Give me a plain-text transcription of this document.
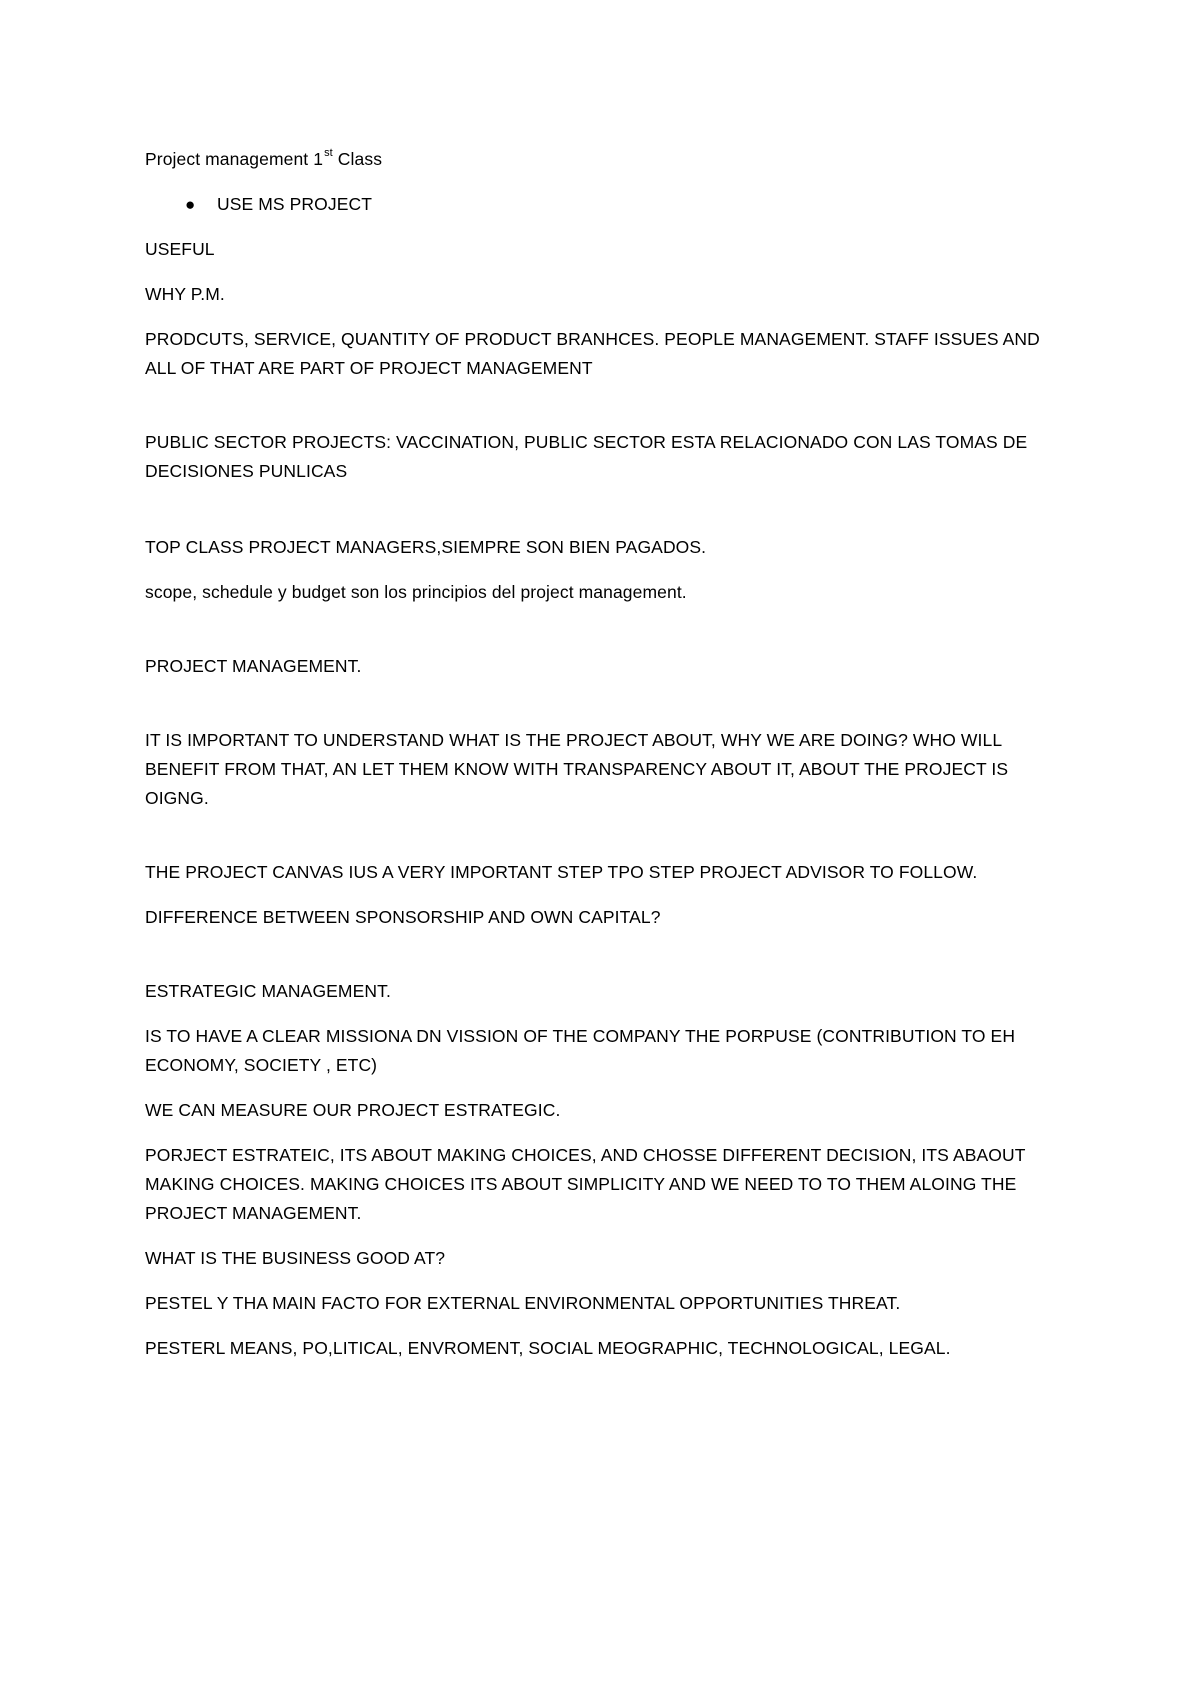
Project management 1st Class

●	USE MS PROJECT

USEFUL

WHY P.M.

PRODCUTS, SERVICE, QUANTITY OF PRODUCT BRANHCES. PEOPLE MANAGEMENT. STAFF ISSUES AND ALL OF THAT ARE PART OF PROJECT MANAGEMENT

PUBLIC SECTOR PROJECTS: VACCINATION, PUBLIC SECTOR ESTA RELACIONADO CON LAS TOMAS DE DECISIONES PUNLICAS

TOP CLASS PROJECT MANAGERS,SIEMPRE SON BIEN PAGADOS.

scope, schedule y budget son los principios del project management.

PROJECT MANAGEMENT.

IT IS IMPORTANT TO UNDERSTAND WHAT IS THE PROJECT ABOUT, WHY WE ARE DOING? WHO WILL BENEFIT FROM THAT, AN LET THEM KNOW WITH TRANSPARENCY ABOUT IT, ABOUT THE PROJECT IS OIGNG.

THE PROJECT CANVAS IUS A VERY IMPORTANT STEP TPO STEP PROJECT ADVISOR TO FOLLOW.

DIFFERENCE BETWEEN SPONSORSHIP AND OWN CAPITAL?

ESTRATEGIC MANAGEMENT.

IS TO HAVE A CLEAR MISSIONA DN VISSION OF THE COMPANY THE PORPUSE (CONTRIBUTION TO EH ECONOMY, SOCIETY , ETC)

WE CAN MEASURE OUR PROJECT ESTRATEGIC.

PORJECT ESTRATEIC, ITS ABOUT MAKING CHOICES, AND CHOSSE DIFFERENT DECISION, ITS ABAOUT MAKING CHOICES. MAKING CHOICES ITS ABOUT SIMPLICITY AND WE NEED TO TO THEM ALOING THE PROJECT MANAGEMENT.

WHAT IS THE BUSINESS GOOD AT?

PESTEL Y THA MAIN FACTO FOR EXTERNAL ENVIRONMENTAL OPPORTUNITIES THREAT.

PESTERL MEANS, PO,LITICAL, ENVROMENT, SOCIAL MEOGRAPHIC, TECHNOLOGICAL, LEGAL.
